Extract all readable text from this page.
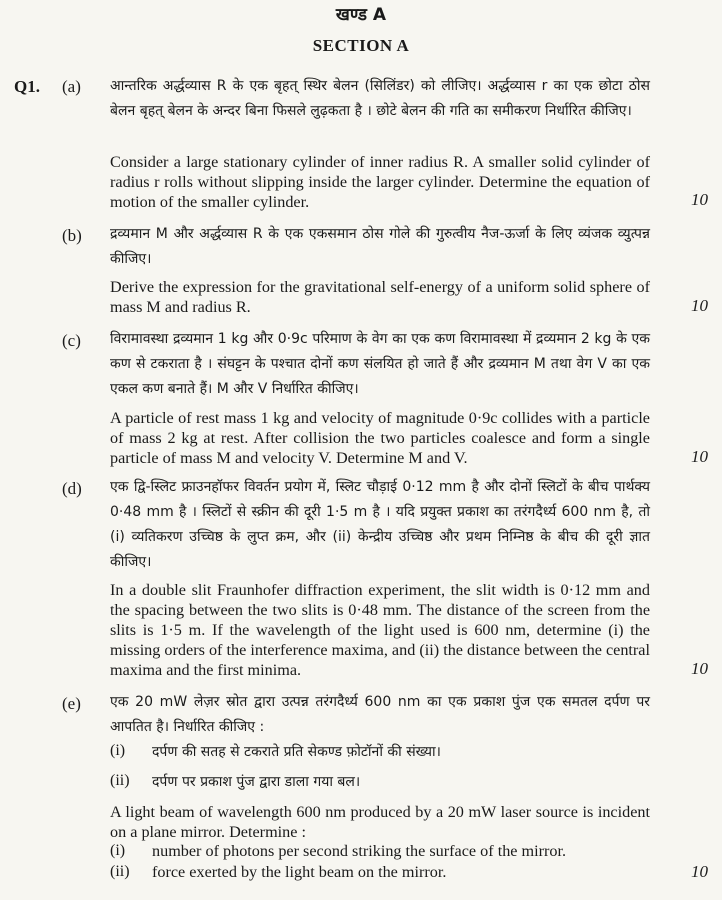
खण्ड A
SECTION A
Q1. (a) आन्तरिक अर्द्धव्यास R के एक बृहत् स्थिर बेलन (सिलिंडर) को लीजिए। अर्द्धव्यास r का एक छोटा ठोस बेलन बृहत् बेलन के अन्दर बिना फिसले लुढ़कता है । छोटे बेलन की गति का समीकरण निर्धारित कीजिए।

Consider a large stationary cylinder of inner radius R. A smaller solid cylinder of radius r rolls without slipping inside the larger cylinder. Determine the equation of motion of the smaller cylinder.	10
(b) द्रव्यमान M और अर्द्धव्यास R के एक एकसमान ठोस गोले की गुरुत्वीय नैज-ऊर्जा के लिए व्यंजक व्युत्पन्न कीजिए।

Derive the expression for the gravitational self-energy of a uniform solid sphere of mass M and radius R.	10
(c) विरामावस्था द्रव्यमान 1 kg और 0·9c परिमाण के वेग का एक कण विरामावस्था में द्रव्यमान 2 kg के एक कण से टकराता है । संघट्टन के पश्चात दोनों कण संलयित हो जाते हैं और द्रव्यमान M तथा वेग V का एक एकल कण बनाते हैं। M और V निर्धारित कीजिए।

A particle of rest mass 1 kg and velocity of magnitude 0·9c collides with a particle of mass 2 kg at rest. After collision the two particles coalesce and form a single particle of mass M and velocity V. Determine M and V.	10
(d) एक द्वि-स्लिट फ्राउनहॉफर विवर्तन प्रयोग में, स्लिट चौड़ाई 0·12 mm है और दोनों स्लिटों के बीच पार्थक्य 0·48 mm है । स्लिटों से स्क्रीन की दूरी 1·5 m है । यदि प्रयुक्त प्रकाश का तरंगदैर्ध्य 600 nm है, तो (i) व्यतिकरण उच्चिष्ठ के लुप्त क्रम, और (ii) केन्द्रीय उच्चिष्ठ और प्रथम निम्निष्ठ के बीच की दूरी ज्ञात कीजिए।

In a double slit Fraunhofer diffraction experiment, the slit width is 0·12 mm and the spacing between the two slits is 0·48 mm. The distance of the screen from the slits is 1·5 m. If the wavelength of the light used is 600 nm, determine (i) the missing orders of the interference maxima, and (ii) the distance between the central maxima and the first minima.	10
(e) एक 20 mW लेज़र स्रोत द्वारा उत्पन्न तरंगदैर्ध्य 600 nm का एक प्रकाश पुंज एक समतल दर्पण पर आपतित है। निर्धारित कीजिए :

(i) दर्पण की सतह से टकराते प्रति सेकण्ड फ़ोटॉनों की संख्या।
(ii) दर्पण पर प्रकाश पुंज द्वारा डाला गया बल।

A light beam of wavelength 600 nm produced by a 20 mW laser source is incident on a plane mirror. Determine :

(i) number of photons per second striking the surface of the mirror.
(ii) force exerted by the light beam on the mirror.	10
